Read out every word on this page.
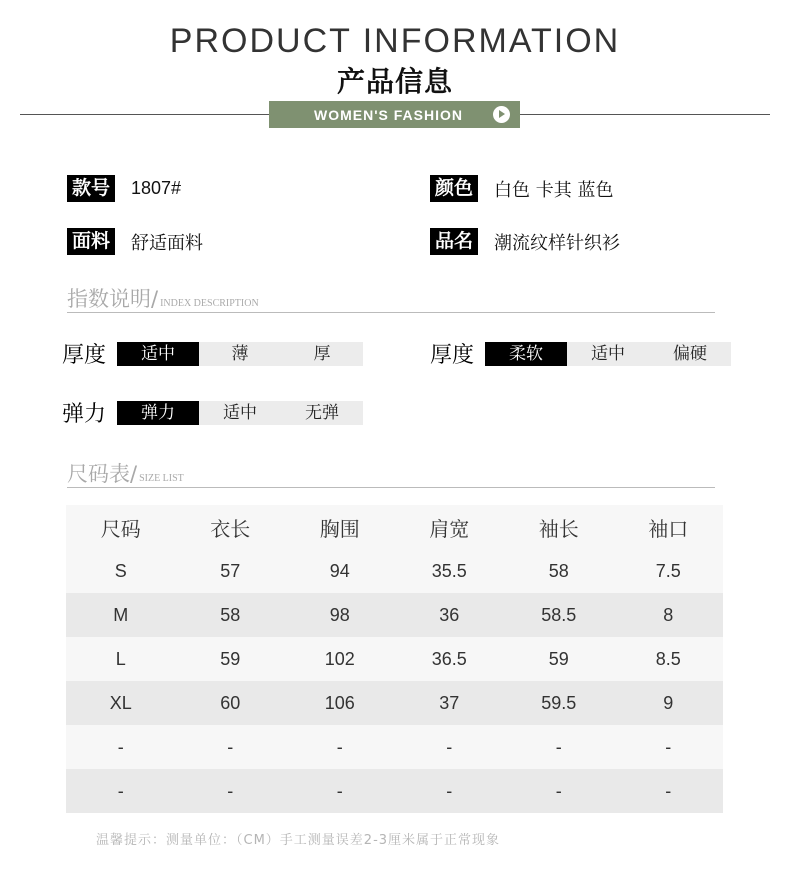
PRODUCT INFORMATION
产品信息
WOMEN'S FASHION
款号 1807#	颜色 白色 卡其 蓝色
面料 舒适面料	品名 潮流纹样针织衫
指数说明/ INDEX DESCRIPTION
厚度	适中	薄	厚	厚度	柔软	适中	偏硬
弹力	弹力	适中	无弹
尺码表/ SIZE LIST
尺码	衣长	胸围	肩宽	袖长	袖口
S	57	94	35.5	58	7.5
M	58	98	36	58.5	8
L	59	102	36.5	59	8.5
XL	60	106	37	59.5	9
-	-	-	-	-	-
-	-	-	-	-	-
温馨提示：测量单位：（CM）手工测量误差2-3厘米属于正常现象
